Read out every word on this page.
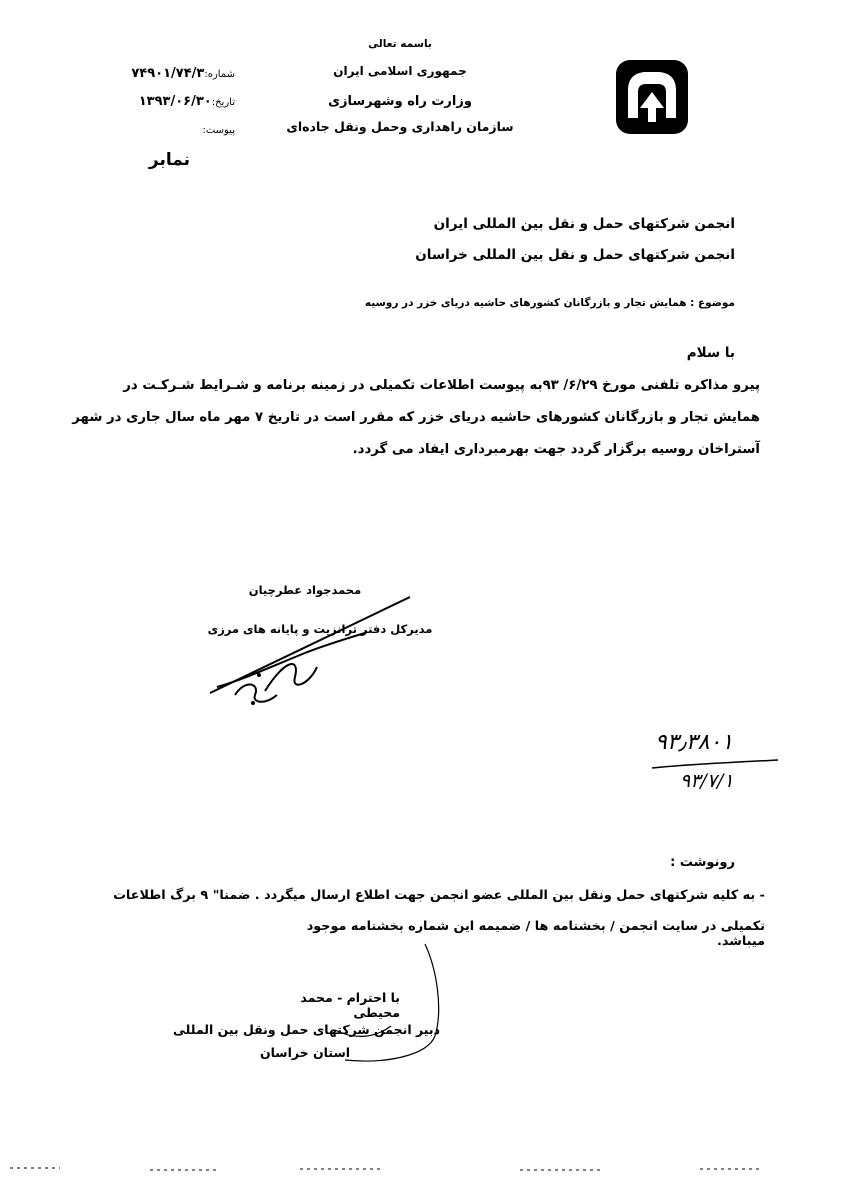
باسمه تعالی
جمهوری اسلامی ایران
وزارت راه وشهرسازی
سازمان راهداری وحمل ونقل جاده‌ای
شماره:۷۴۹۰۱/۷۴/۳
تاریخ:۱۳۹۳/۰۶/۳۰
پیوست:
نمابر
انجمن شرکتهای حمل و نقل بین المللی ایران
انجمن شرکتهای حمل و نقل بین المللی خراسان
موضوع : همایش تجار و بازرگانان کشورهای حاشیه دریای خزر در روسیه
با سلام
پیرو مذاکره تلفنی مورخ ۶/۲۹/ ۹۳به پیوست اطلاعات تکمیلی در زمینه برنامه و شـرایط شـرکـت در
همایش تجار و بازرگانان کشورهای حاشیه دریای خزر که مقرر است در تاریخ ۷ مهر ماه سال جاری در شهر
آستراخان روسیه برگزار گردد جهت بهرمبرداری ایفاد می گردد.
محمدجواد عطرچیان
مدیرکل دفتر ترانزیت و پایانه های مرزی
۹۳٫۳۸۰۱
۹۳/۷/۱
رونوشت :
- به کلیه شرکتهای حمل ونقل بین المللی عضو انجمن جهت اطلاع ارسال میگردد . ضمنا" ۹ برگ اطلاعات
تکمیلی در سایت انجمن / بخشنامه ها / ضمیمه این شماره بخشنامه موجود میباشد.
با احترام - محمد محیطی
دبیر انجمن شرکتهای حمل ونقل بین المللی
استان خراسان
